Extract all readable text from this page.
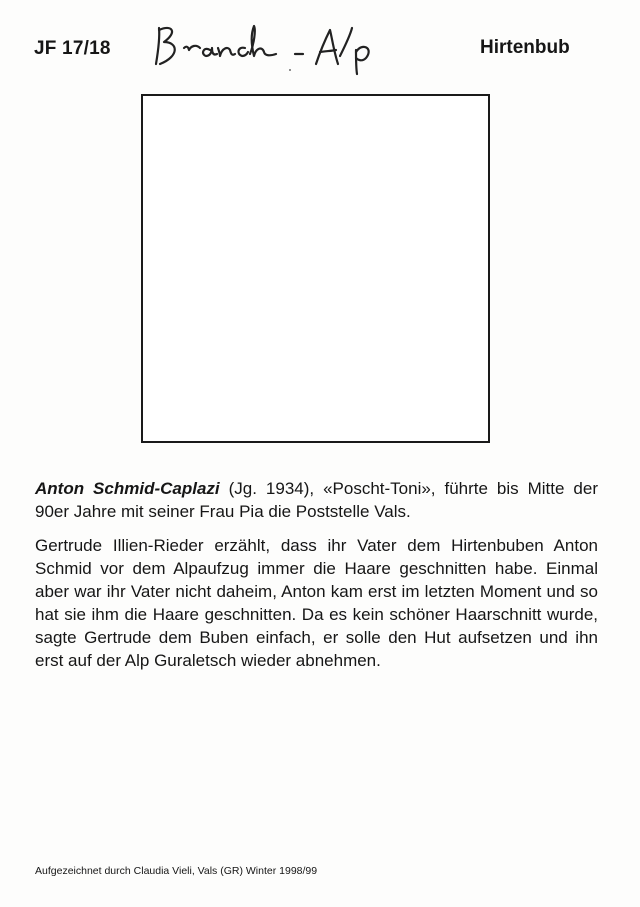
JF 17/18	Hirtenbub

Anton Schmid-Caplazi (Jg. 1934), «Poscht-Toni», führte bis Mitte der 90er Jahre mit seiner Frau Pia die Poststelle Vals.

Gertrude Illien-Rieder erzählt, dass ihr Vater dem Hirtenbuben Anton Schmid vor dem Alpaufzug immer die Haare geschnitten habe. Einmal aber war ihr Vater nicht daheim, Anton kam erst im letzten Moment und so hat sie ihm die Haare geschnitten. Da es kein schöner Haarschnitt wurde, sagte Gertrude dem Buben einfach, er solle den Hut aufsetzen und ihn erst auf der Alp Guraletsch wieder abnehmen.

Aufgezeichnet durch Claudia Vieli, Vals (GR) Winter 1998/99
